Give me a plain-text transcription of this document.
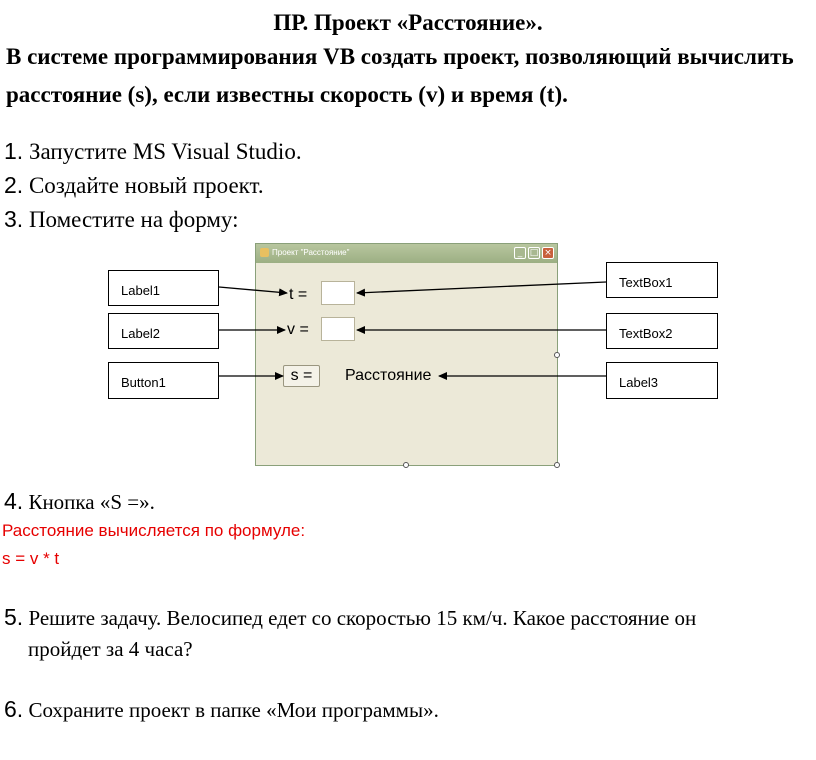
ПР. Проект «Расстояние».
В системе программирования VB создать проект, позволяющий вычислить расстояние (s), если известны скорость (v) и время (t).
1. Запустите MS Visual Studio.
2. Создайте новый проект.
3. Поместите на форму:
Проект "Расстояние"	_ □ ×
t =
v =
s =	Расстояние
Label1
Label2
Button1
TextBox1
TextBox2
Label3
4. Кнопка «S =».
Расстояние вычисляется по формуле:
s = v * t
5. Решите задачу. Велосипед едет со скоростью 15 км/ч. Какое расстояние он
пройдет за 4 часа?
6. Сохраните проект в папке «Мои программы».
